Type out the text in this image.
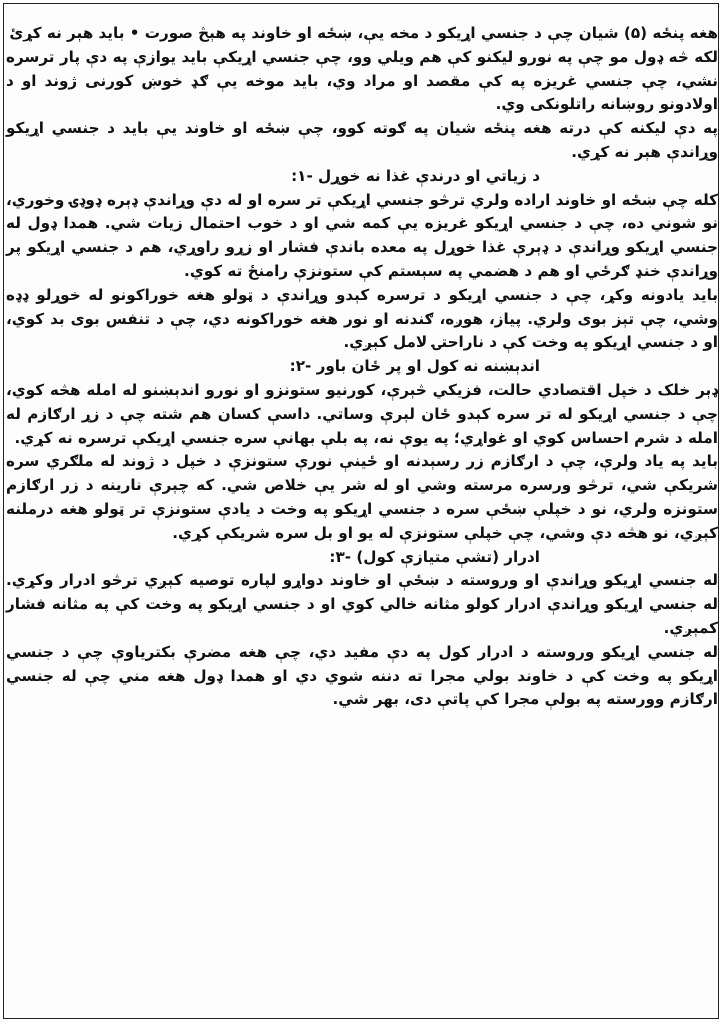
هغه پنځه (۵) شیان چې د جنسي اړیکو د مخه یې، ښځه او خاوند په هېڅ صورت • باید هېر نه کړئ

لکه څه ډول مو چې په نورو لیکنو کې هم ویلي وو، چې جنسي اړیکې باید یوازې په دې پار ترسره نشي، چې جنسي غریزه په کې مقصد او مراد وي، باید موخه یې ګډ خوښ کورنی ژوند او د اولادونو روښانه راتلونکی وي.

په دې لیکنه کې درته هغه پنځه شیان په ګوته کوو، چې ښځه او خاوند یې باید د جنسي اړیکو وړاندې هېر نه کړي.

د زیاتي او درندې غذا نه خوړل -۱:

کله چې ښځه او خاوند اراده ولري ترڅو جنسي اړیکې تر سره او له دې وړاندې ډېره ډوډۍ وخوري، نو شوني ده، چې د جنسي اړیکو غریزه یې کمه شي او د خوب احتمال زیات شي. همدا ډول له جنسي اړیکو وړاندې د ډېرې غذا خوړل په معده باندې فشار او زړو راوړي، هم د جنسي اړیکو پر وړاندې خنډ ګرځي او هم د هضمي په سېستم کې ستونزې رامنځ ته کوي.

باید یادونه وکړ، چې د جنسي اړیکو د ترسره کېدو وړاندې د ټولو هغه خوراکونو له خوړلو ډډه وشي، چې تېز بوی ولري. پیاز، هوږه، ګندنه او نور هغه خوراکونه دي، چې د تنفس بوی بد کوي، او د جنسي اړیکو په وخت کې د ناراحتۍ لامل کېږي.

اندېښنه نه کول او پر ځان باور -۲:

ډېر خلک د خپل اقتصادي حالت، فزیکي څېرې، کورنیو ستونزو او نورو اندېښنو له امله هڅه کوي، چې د جنسي اړیکو له تر سره کېدو ځان لېرې وساتي. داسې کسان هم شته چې د زړ ارګازم له امله د شرم احساس کوي او غواړي؛ په یوې نه، په بلې بهانې سره جنسي اړیکې ترسره نه کړي.

باید په یاد ولرې، چې د ارګازم زر رسېدنه او ځینې نورې ستونزې د خپل د ژوند له ملګري سره شریکې شي، ترڅو ورسره مرسته وشي او له شر یې خلاص شي. که چېرې نارینه د زر ارګازم ستونزه ولري، نو د خپلې ښځې سره د جنسي اړیکو په وخت د یادې ستونزې تر ټولو هغه درملنه کېږي، نو هڅه دې وشي، چې خپلې ستونزې له یو او بل سره شریکې کړي.

ادرار (تشې متیازې کول) -۳:

له جنسي اړیکو وړاندې او وروسته د ښځې او خاوند دواړو لپاره توصیه کېږي ترڅو ادرار وکړي. له جنسي اړیکو وړاندې ادرار کولو مثانه خالي کوي او د جنسي اړیکو په وخت کې په مثانه فشار کمېږي.

له جنسي اړیکو وروسته د ادرار کول په دې مفید دي، چې هغه مضرې بکتریاوې چې د جنسي اړیکو په وخت کې د خاوند بولي مجرا ته دننه شوي دي او همدا ډول هغه مني چې له جنسي ارګازم وورسته په بولې مجرا کې پاتې دی، بهر شي.
